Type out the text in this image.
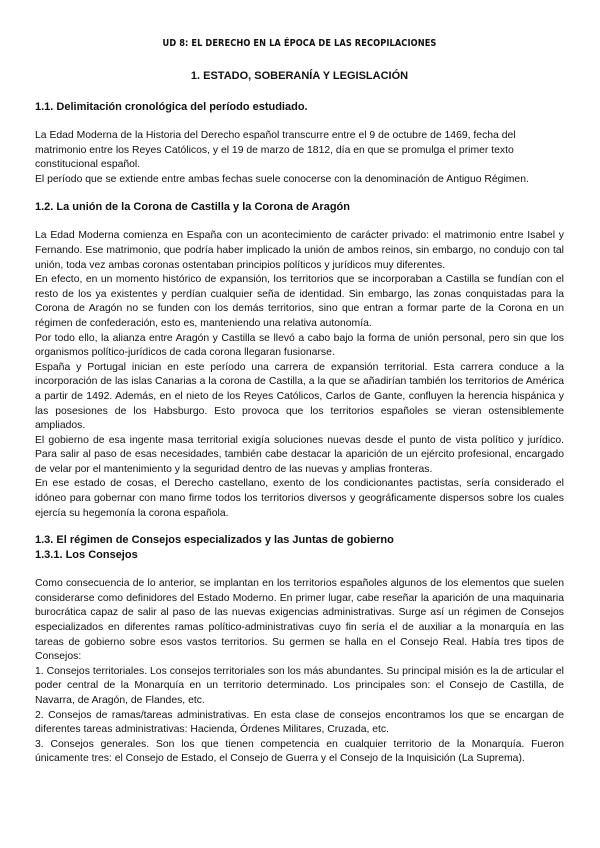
UD 8: EL DERECHO EN LA ÉPOCA DE LAS RECOPILACIONES
1. ESTADO, SOBERANÍA Y LEGISLACIÓN
1.1. Delimitación cronológica del período estudiado.

La Edad Moderna de la Historia del Derecho español transcurre entre el 9 de octubre de 1469, fecha del matrimonio entre los Reyes Católicos, y el 19 de marzo de 1812, día en que se promulga el primer texto constitucional español.

El período que se extiende entre ambas fechas suele conocerse con la denominación de Antiguo Régimen.

1.2. La unión de la Corona de Castilla y la Corona de Aragón

La Edad Moderna comienza en España con un acontecimiento de carácter privado: el matrimonio entre Isabel y Fernando. Ese matrimonio, que podría haber implicado la unión de ambos reinos, sin embargo, no condujo con tal unión, toda vez ambas coronas ostentaban principios políticos y jurídicos muy diferentes.

En efecto, en un momento histórico de expansión, los territorios que se incorporaban a Castilla se fundían con el resto de los ya existentes y perdían cualquier seña de identidad. Sin embargo, las zonas conquistadas para la Corona de Aragón no se funden con los demás territorios, sino que entran a formar parte de la Corona en un régimen de confederación, esto es, manteniendo una relativa autonomía.

Por todo ello, la alianza entre Aragón y Castilla se llevó a cabo bajo la forma de unión personal, pero sin que los organismos político-jurídicos de cada corona llegaran fusionarse.

España y Portugal inician en este período una carrera de expansión territorial. Esta carrera conduce a la incorporación de las islas Canarias a la corona de Castilla, a la que se añadirían también los territorios de América a partir de 1492. Además, en el nieto de los Reyes Católicos, Carlos de Gante, confluyen la herencia hispánica y las posesiones de los Habsburgo. Esto provoca que los territorios españoles se vieran ostensiblemente ampliados.

El gobierno de esa ingente masa territorial exigía soluciones nuevas desde el punto de vista político y jurídico. Para salir al paso de esas necesidades, también cabe destacar la aparición de un ejército profesional, encargado de velar por el mantenimiento y la seguridad dentro de las nuevas y amplias fronteras.

En ese estado de cosas, el Derecho castellano, exento de los condicionantes pactistas, sería considerado el idóneo para gobernar con mano firme todos los territorios diversos y geográficamente dispersos sobre los cuales ejercía su hegemonía la corona española.

1.3. El régimen de Consejos especializados y las Juntas de gobierno
1.3.1. Los Consejos

Como consecuencia de lo anterior, se implantan en los territorios españoles algunos de los elementos que suelen considerarse como definidores del Estado Moderno. En primer lugar, cabe reseñar la aparición de una maquinaria burocrática capaz de salir al paso de las nuevas exigencias administrativas. Surge así un régimen de Consejos especializados en diferentes ramas político-administrativas cuyo fin sería el de auxiliar a la monarquía en las tareas de gobierno sobre esos vastos territorios. Su germen se halla en el Consejo Real. Había tres tipos de Consejos:

1. Consejos territoriales. Los consejos territoriales son los más abundantes. Su principal misión es la de articular el poder central de la Monarquía en un territorio determinado. Los principales son: el Consejo de Castilla, de Navarra, de Aragón, de Flandes, etc.

2. Consejos de ramas/tareas administrativas. En esta clase de consejos encontramos los que se encargan de diferentes tareas administrativas: Hacienda, Órdenes Militares, Cruzada, etc.

3. Consejos generales. Son los que tienen competencia en cualquier territorio de la Monarquía. Fueron únicamente tres: el Consejo de Estado, el Consejo de Guerra y el Consejo de la Inquisición (La Suprema).
